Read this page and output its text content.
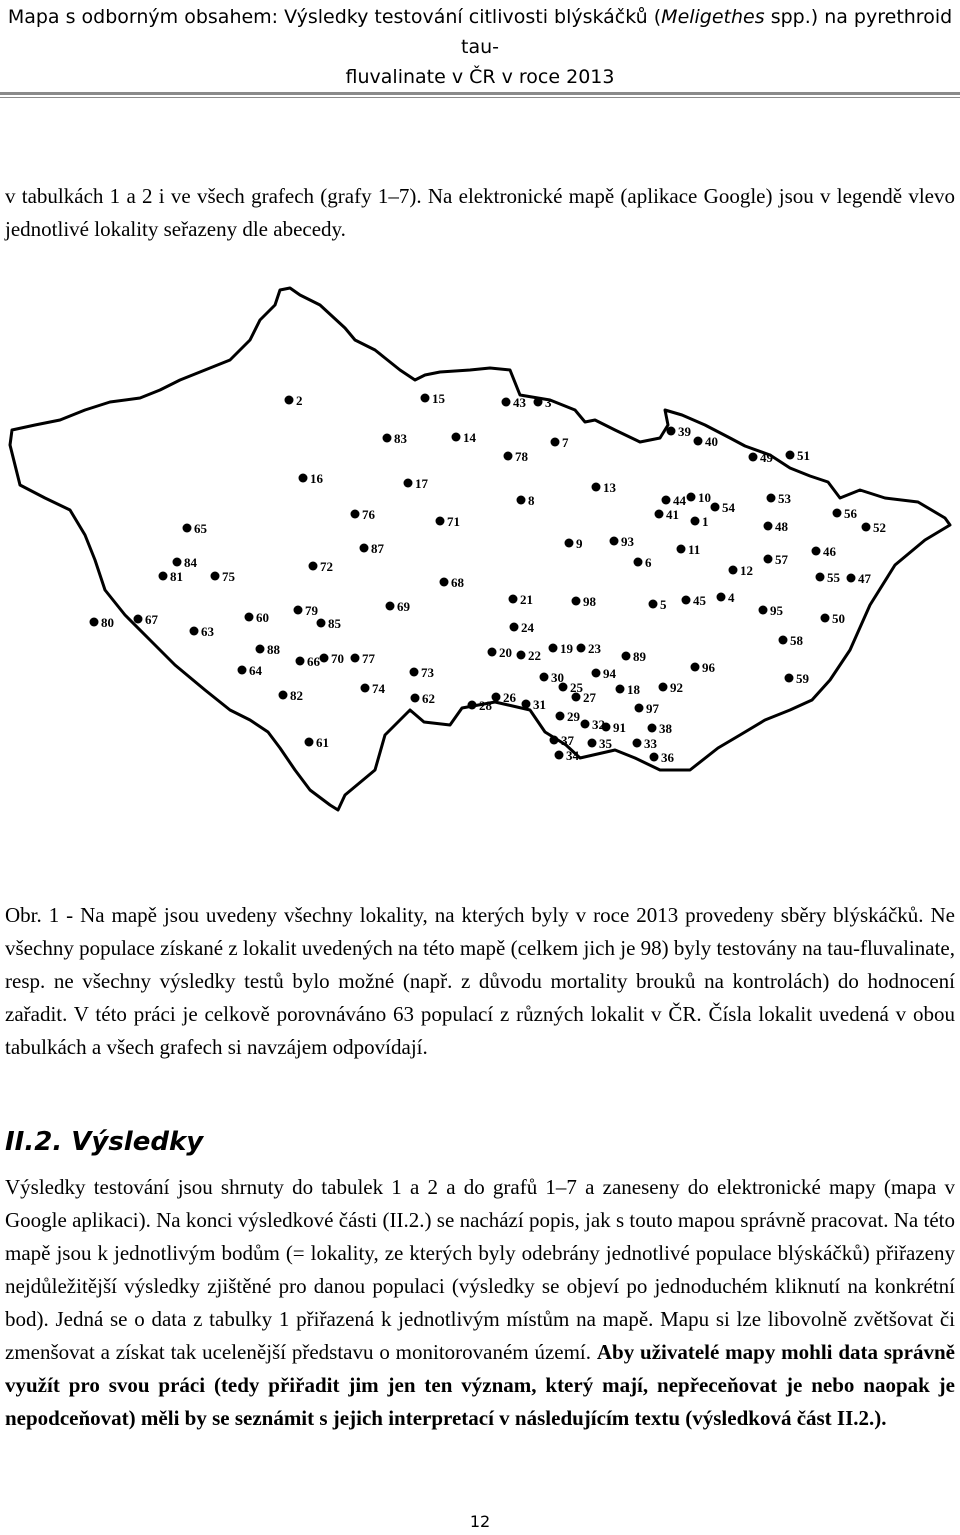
Mapa s odborným obsahem: Výsledky testování citlivosti blýskáčků (Meligethes spp.) na pyrethroid tau-
fluvalinate v ČR v roce 2013

v tabulkách 1 a 2 i ve všech grafech (grafy 1–7). Na elektronické mapě (aplikace Google) jsou v legendě vlevo jednotlivé lokality seřazeny dle abecedy.

2	15	43 3
83	14	7
78
39
40
49 51
16	17	13
8	44 10
41 1
54
53
48
56
52
76	71
65
87	9	93
11
6
12
57
46
84
81	75
72
68	55 47
21	98	5 45 4
80 67	60	79	69	95
50
63
85	24
58
88	20 22 19 23
89
66 70 77
64	96
73	94
30	59
74	25
82	62	26	27
18 92
28	31	97
29
32 91	38
61	37 35 33
34	36

Obr. 1 - Na mapě jsou uvedeny všechny lokality, na kterých byly v roce 2013 provedeny sběry blýskáčků. Ne všechny populace získané z lokalit uvedených na této mapě (celkem jich je 98) byly testovány na tau-fluvalinate, resp. ne všechny výsledky testů bylo možné (např. z důvodu mortality brouků na kontrolách) do hodnocení zařadit. V této práci je celkově porovnáváno 63 populací z různých lokalit v ČR. Čísla lokalit uvedená v obou tabulkách a všech grafech si navzájem odpovídají.

II.2. Výsledky

Výsledky testování jsou shrnuty do tabulek 1 a 2 a do grafů 1–7 a zaneseny do elektronické mapy (mapa v Google aplikaci). Na konci výsledkové části (II.2.) se nachází popis, jak s touto mapou správně pracovat. Na této mapě jsou k jednotlivým bodům (= lokality, ze kterých byly odebrány jednotlivé populace blýskáčků) přiřazeny nejdůležitější výsledky zjištěné pro danou populaci (výsledky se objeví po jednoduchém kliknutí na konkrétní bod). Jedná se o data z tabulky 1 přiřazená k jednotlivým místům na mapě. Mapu si lze libovolně zvětšovat či zmenšovat a získat tak ucelenější představu o monitorovaném území. Aby uživatelé mapy mohli data správně využít pro svou práci (tedy přiřadit jim jen ten význam, který mají, nepřeceňovat je nebo naopak je nepodceňovat) měli by se seznámit s jejich interpretací v následujícím textu (výsledková část II.2.).

12
